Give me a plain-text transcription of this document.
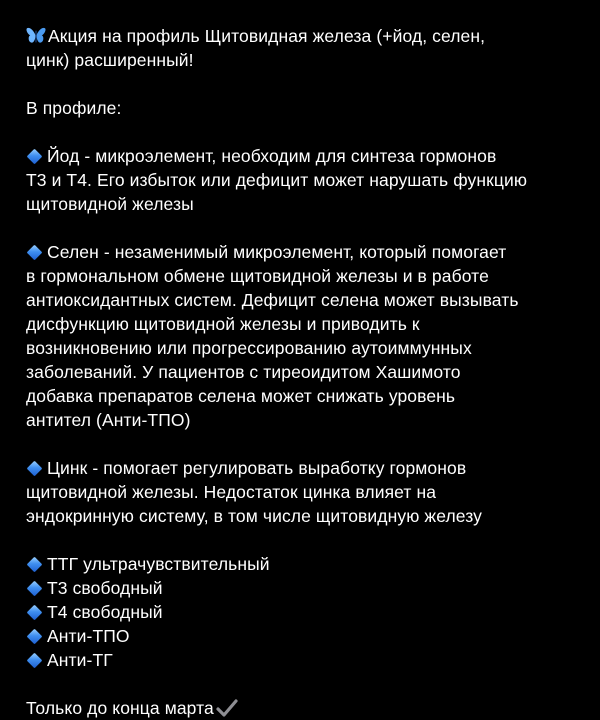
Акция на профиль Щитовидная железа (+йод, селен,
цинк) расширенный!

В профиле:

Йод - микроэлемент, необходим для синтеза гормонов
Т3 и Т4. Его избыток или дефицит может нарушать функцию
щитовидной железы

Селен - незаменимый микроэлемент, который помогает
в гормональном обмене щитовидной железы и в работе
антиоксидантных систем. Дефицит селена может вызывать
дисфункцию щитовидной железы и приводить к
возникновению или прогрессированию аутоиммунных
заболеваний. У пациентов с тиреоидитом Хашимото
добавка препаратов селена может снижать уровень
антител (Анти-ТПО)

Цинк - помогает регулировать выработку гормонов
щитовидной железы. Недостаток цинка влияет на
эндокринную систему, в том числе щитовидную железу

ТТГ ультрачувствительный
Т3 свободный
Т4 свободный
Анти-ТПО
Анти-ТГ

Только до конца марта
